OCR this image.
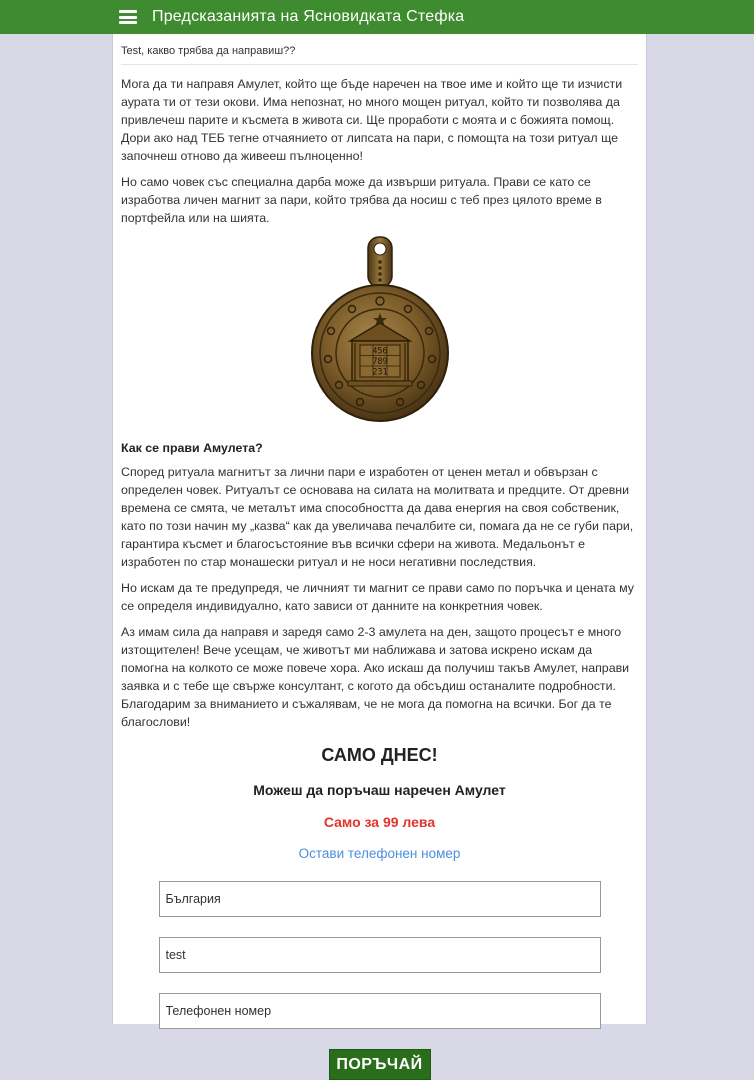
Предсказанията на Ясновидката Стефка
Test, какво трябва да направиш??

Мога да ти направя Амулет, който ще бъде наречен на твое име и който ще ти изчисти аурата ти от тези окови. Има непознат, но много мощен ритуал, който ти позволява да привлечеш парите и късмета в живота си. Ще проработи с моята и с божията помощ. Дори ако над ТЕБ тегне отчаянието от липсата на пари, с помощта на този ритуал ще започнеш отново да живееш пълноценно!

Но само човек със специална дарба може да извърши ритуала. Прави се като се изработва личен магнит за пари, който трябва да носиш с теб през цялото време в портфейла или на шията.

456
789
231
Как се прави Амулета?

Според ритуала магнитът за лични пари е изработен от ценен метал и обвързан с определен човек. Ритуалът се основава на силата на молитвата и предците. От древни времена се смята, че металът има способността да дава енергия на своя собственик, като по този начин му „казва“ как да увеличава печалбите си, помага да не се губи пари, гарантира късмет и благосъстояние във всички сфери на живота. Медальонът е изработен по стар монашески ритуал и не носи негативни последствия.

Но искам да те предупредя, че личният ти магнит се прави само по поръчка и цената му се определя индивидуално, като зависи от данните на конкретния човек.

Аз имам сила да направя и заредя само 2-3 амулета на ден, защото процесът е много изтощителен! Вече усещам, че животът ми наближава и затова искрено искам да помогна на колкото се може повече хора. Ако искаш да получиш такъв Амулет, направи заявка и с тебе ще свърже консултант, с когото да обсъдиш останалите подробности. Благодарим за вниманието и съжалявам, че не мога да помогна на всички. Бог да те благослови!

САМО ДНЕС!
Можеш да поръчаш наречен Амулет
Само за 99 лева
Остави телефонен номер
България
test
Телефонен номер
ПОРЪЧАЙ
